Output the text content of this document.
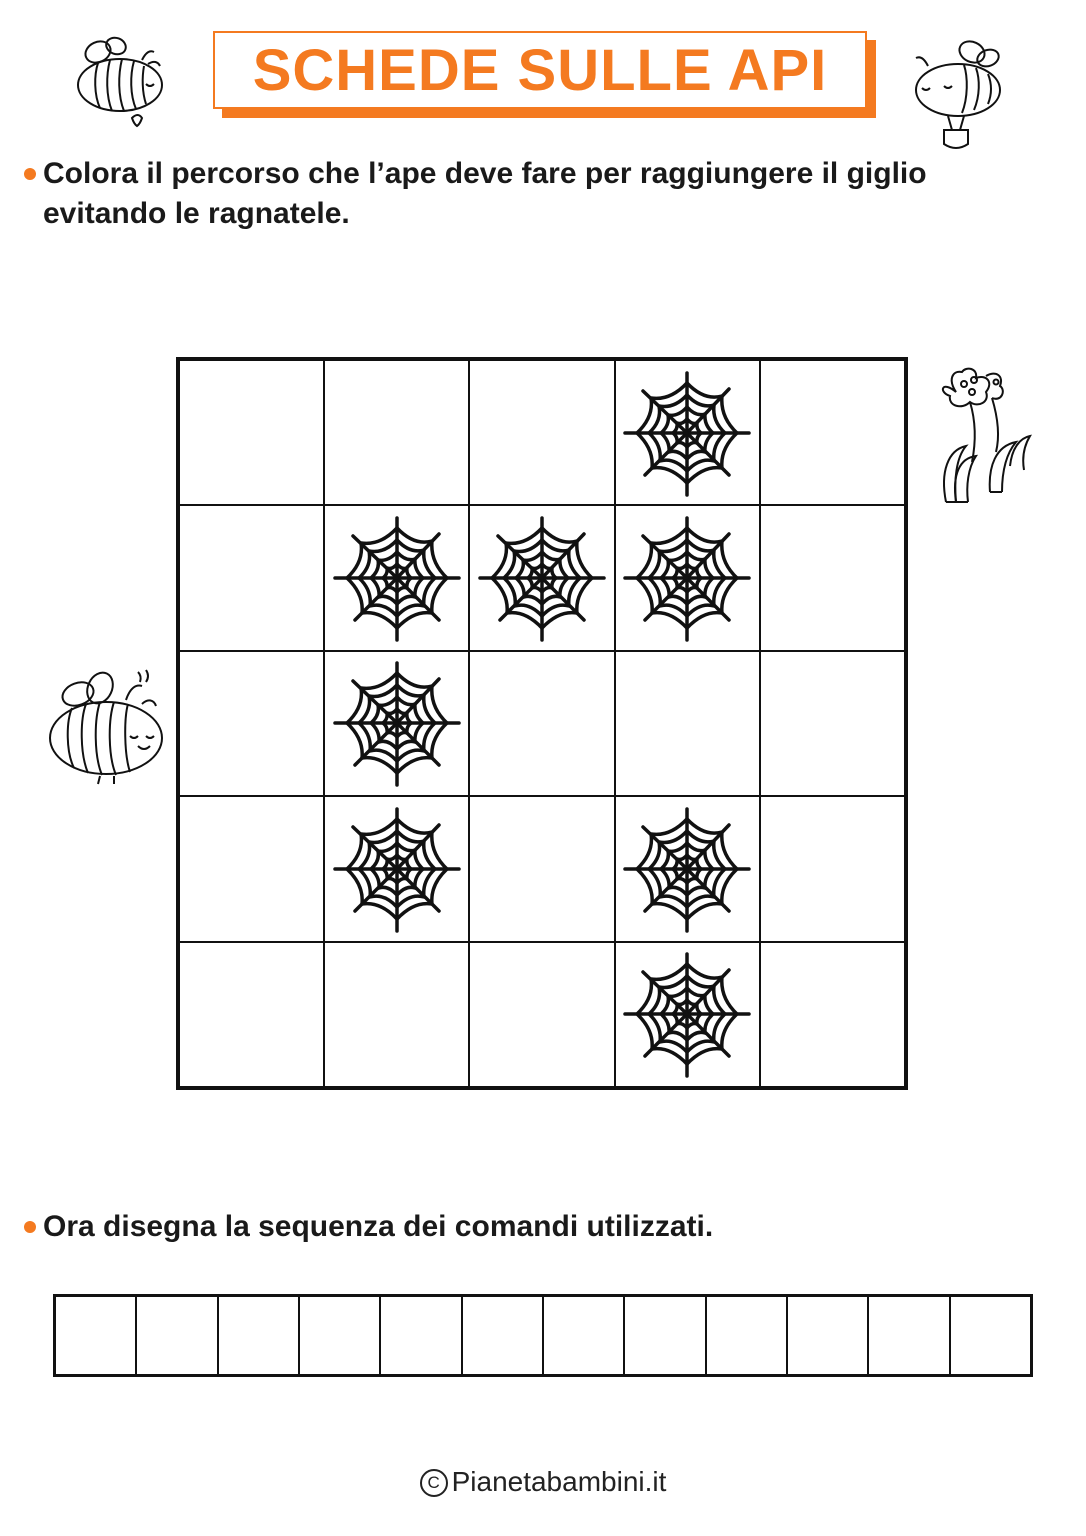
SCHEDE SULLE API
Colora il percorso che l’ape deve fare per raggiungere il giglio evitando le ragnatele.
Ora disegna la sequenza dei comandi utilizzati.
C Pianetabambini.it
